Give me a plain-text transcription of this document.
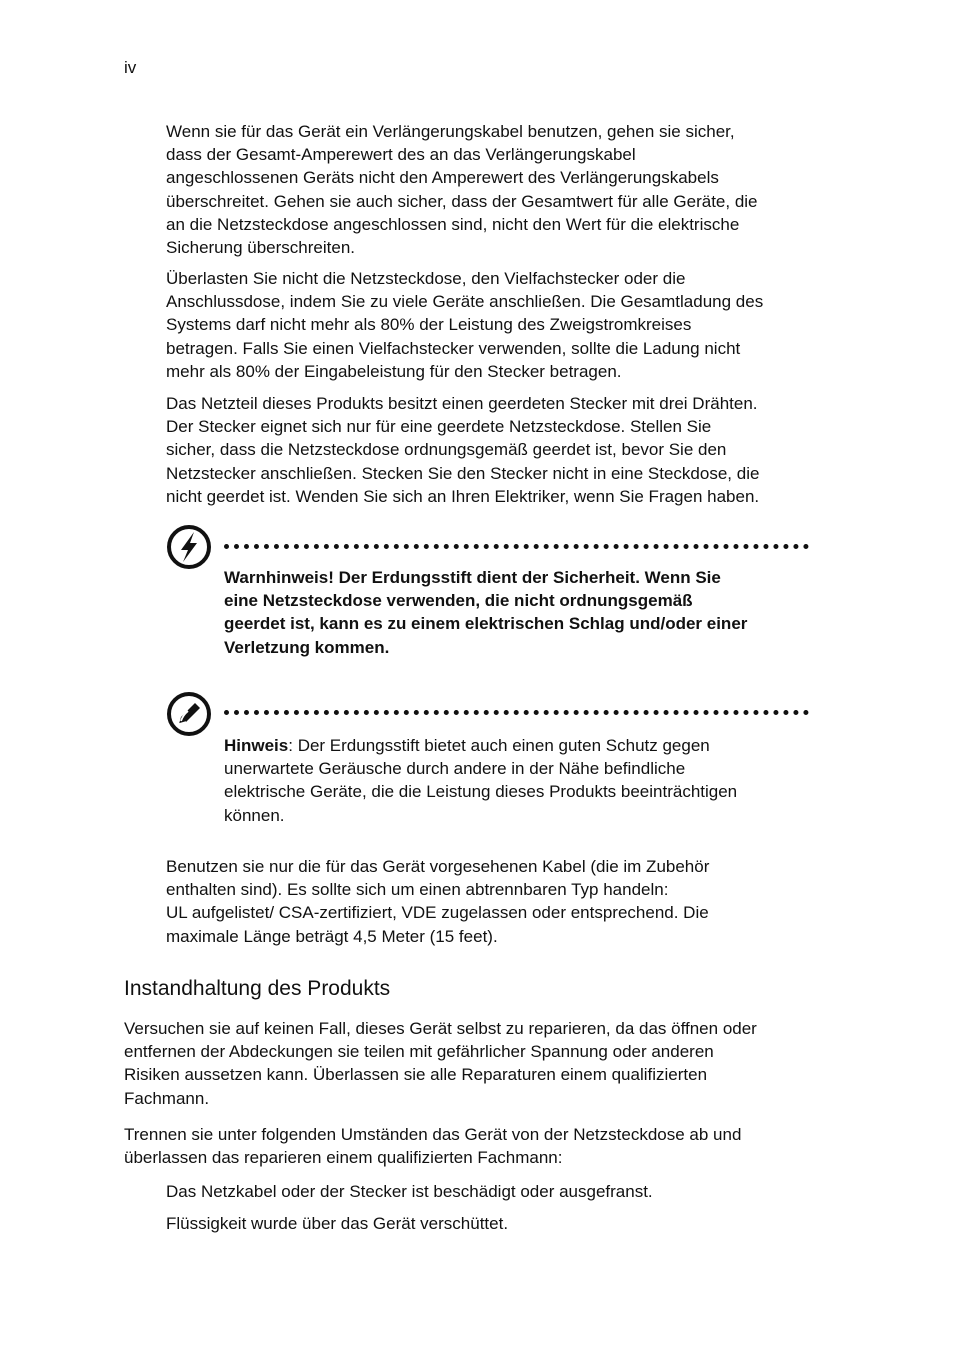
iv

Wenn sie für das Gerät ein Verlängerungskabel benutzen, gehen sie sicher,
dass der Gesamt-Amperewert des an das Verlängerungskabel
angeschlossenen Geräts nicht den Amperewert des Verlängerungskabels
überschreitet. Gehen sie auch sicher, dass der Gesamtwert für alle Geräte, die
an die Netzsteckdose angeschlossen sind, nicht den Wert für die elektrische
Sicherung überschreiten.

Überlasten Sie nicht die Netzsteckdose, den Vielfachstecker oder die
Anschlussdose, indem Sie zu viele Geräte anschließen. Die Gesamtladung des
Systems darf nicht mehr als 80% der Leistung des Zweigstromkreises
betragen. Falls Sie einen Vielfachstecker verwenden, sollte die Ladung nicht
mehr als 80% der Eingabeleistung für den Stecker betragen.

Das Netzteil dieses Produkts besitzt einen geerdeten Stecker mit drei Drähten.
Der Stecker eignet sich nur für eine geerdete Netzsteckdose. Stellen Sie
sicher, dass die Netzsteckdose ordnungsgemäß geerdet ist, bevor Sie den
Netzstecker anschließen. Stecken Sie den Stecker nicht in eine Steckdose, die
nicht geerdet ist. Wenden Sie sich an Ihren Elektriker, wenn Sie Fragen haben.

Warnhinweis! Der Erdungsstift dient der Sicherheit. Wenn Sie
eine Netzsteckdose verwenden, die nicht ordnungsgemäß
geerdet ist, kann es zu einem elektrischen Schlag und/oder einer
Verletzung kommen.

Hinweis: Der Erdungsstift bietet auch einen guten Schutz gegen
unerwartete Geräusche durch andere in der Nähe befindliche
elektrische Geräte, die die Leistung dieses Produkts beeinträchtigen
können.

Benutzen sie nur die für das Gerät vorgesehenen Kabel (die im Zubehör
enthalten sind). Es sollte sich um einen abtrennbaren Typ handeln:
UL aufgelistet/ CSA-zertifiziert, VDE zugelassen oder entsprechend. Die
maximale Länge beträgt 4,5 Meter (15 feet).

Instandhaltung des Produkts

Versuchen sie auf keinen Fall, dieses Gerät selbst zu reparieren, da das öffnen oder
entfernen der Abdeckungen sie teilen mit gefährlicher Spannung oder anderen
Risiken aussetzen kann. Überlassen sie alle Reparaturen einem qualifizierten
Fachmann.

Trennen sie unter folgenden Umständen das Gerät von der Netzsteckdose ab und
überlassen das reparieren einem qualifizierten Fachmann:

Das Netzkabel oder der Stecker ist beschädigt oder ausgefranst.

Flüssigkeit wurde über das Gerät verschüttet.
